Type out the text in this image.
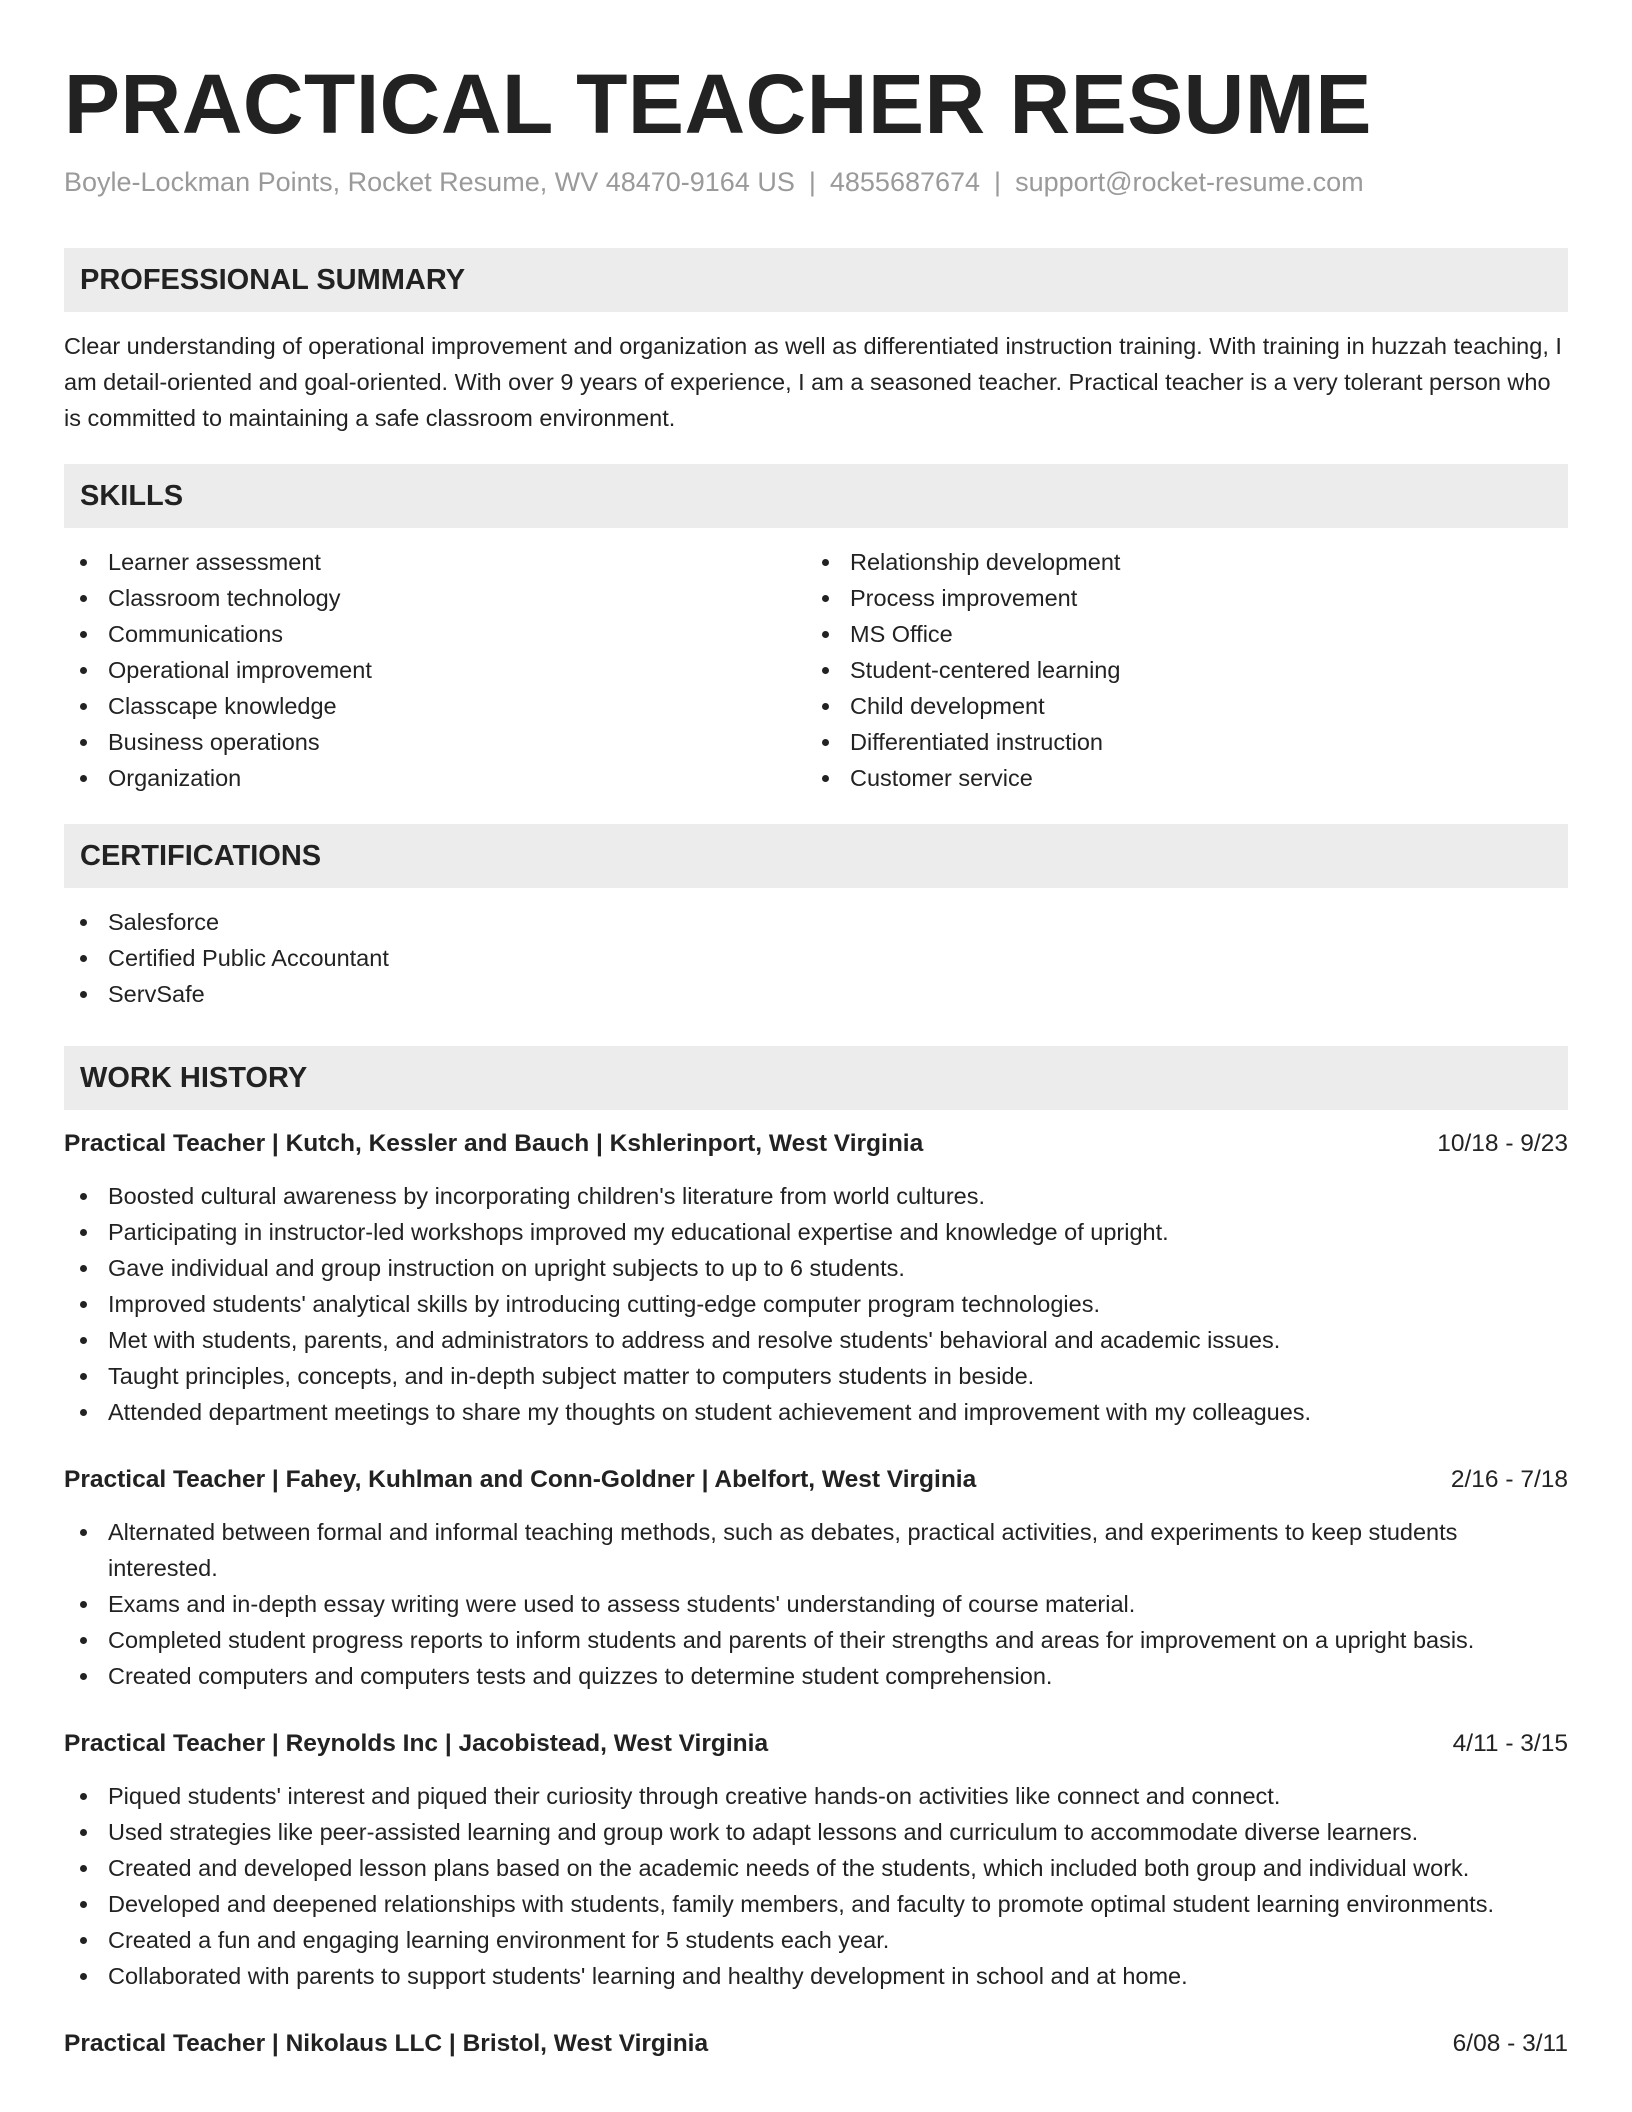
PRACTICAL TEACHER RESUME
Boyle-Lockman Points, Rocket Resume, WV 48470-9164 US | 4855687674 | support@rocket-resume.com
PROFESSIONAL SUMMARY

Clear understanding of operational improvement and organization as well as differentiated instruction training. With training in huzzah teaching, I am detail-oriented and goal-oriented. With over 9 years of experience, I am a seasoned teacher. Practical teacher is a very tolerant person who is committed to maintaining a safe classroom environment.

SKILLS
Learner assessment
Classroom technology
Communications
Operational improvement
Classcape knowledge
Business operations
Organization
Relationship development
Process improvement
MS Office
Student-centered learning
Child development
Differentiated instruction
Customer service
CERTIFICATIONS
Salesforce
Certified Public Accountant
ServSafe
WORK HISTORY
Practical Teacher | Kutch, Kessler and Bauch | Kshlerinport, West Virginia	10/18 - 9/23
Boosted cultural awareness by incorporating children's literature from world cultures.
Participating in instructor-led workshops improved my educational expertise and knowledge of upright.
Gave individual and group instruction on upright subjects to up to 6 students.
Improved students' analytical skills by introducing cutting-edge computer program technologies.
Met with students, parents, and administrators to address and resolve students' behavioral and academic issues.
Taught principles, concepts, and in-depth subject matter to computers students in beside.
Attended department meetings to share my thoughts on student achievement and improvement with my colleagues.
Practical Teacher | Fahey, Kuhlman and Conn-Goldner | Abelfort, West Virginia	2/16 - 7/18
Alternated between formal and informal teaching methods, such as debates, practical activities, and experiments to keep students interested.
Exams and in-depth essay writing were used to assess students' understanding of course material.
Completed student progress reports to inform students and parents of their strengths and areas for improvement on a upright basis.
Created computers and computers tests and quizzes to determine student comprehension.
Practical Teacher | Reynolds Inc | Jacobistead, West Virginia	4/11 - 3/15
Piqued students' interest and piqued their curiosity through creative hands-on activities like connect and connect.
Used strategies like peer-assisted learning and group work to adapt lessons and curriculum to accommodate diverse learners.
Created and developed lesson plans based on the academic needs of the students, which included both group and individual work.
Developed and deepened relationships with students, family members, and faculty to promote optimal student learning environments.
Created a fun and engaging learning environment for 5 students each year.
Collaborated with parents to support students' learning and healthy development in school and at home.
Practical Teacher | Nikolaus LLC | Bristol, West Virginia	6/08 - 3/11
